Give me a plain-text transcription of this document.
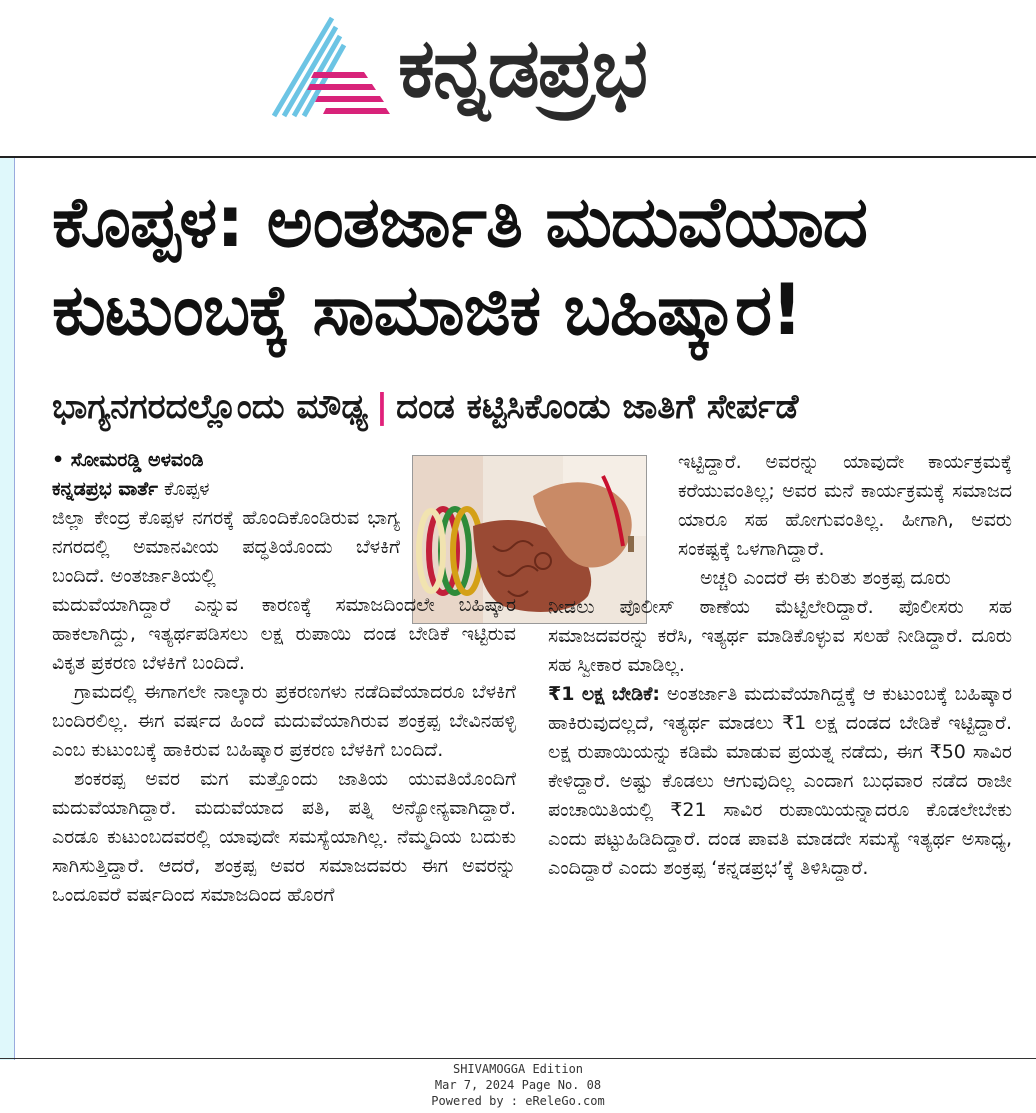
ಕನ್ನಡಪ್ರಭ
ಕೊಪ್ಪಳ: ಅಂತರ್ಜಾತಿ ಮದುವೆಯಾದ ಕುಟುಂಬಕ್ಕೆ ಸಾಮಾಜಿಕ ಬಹಿಷ್ಕಾರ!
ಭಾಗ್ಯನಗರದಲ್ಲೊಂದು ಮೌಢ್ಯ | ದಂಡ ಕಟ್ಟಿಸಿಕೊಂಡು ಜಾತಿಗೆ ಸೇರ್ಪಡೆ

• ಸೋಮರಡ್ಡಿ ಅಳವಂಡಿ

ಕನ್ನಡಪ್ರಭ ವಾರ್ತೆ ಕೊಪ್ಪಳ

ಜಿಲ್ಲಾ ಕೇಂದ್ರ ಕೊಪ್ಪಳ ನಗರಕ್ಕೆ ಹೊಂದಿಕೊಂಡಿರುವ ಭಾಗ್ಯ ನಗರದಲ್ಲಿ ಅಮಾನವೀಯ ಪದ್ಧತಿಯೊಂದು ಬೆಳಕಿಗೆ ಬಂದಿದೆ. ಅಂತರ್ಜಾತಿಯಲ್ಲಿ

ಮದುವೆಯಾಗಿದ್ದಾರೆ ಎನ್ನುವ ಕಾರಣಕ್ಕೆ ಸಮಾಜದಿಂದಲೇ ಬಹಿಷ್ಕಾರ ಹಾಕಲಾಗಿದ್ದು, ಇತ್ಯರ್ಥಪಡಿಸಲು ಲಕ್ಷ ರುಪಾಯಿ ದಂಡ ಬೇಡಿಕೆ ಇಟ್ಟಿರುವ ವಿಕೃತ ಪ್ರಕರಣ ಬೆಳಕಿಗೆ ಬಂದಿದೆ.

ಗ್ರಾಮದಲ್ಲಿ ಈಗಾಗಲೇ ನಾಲ್ಕಾರು ಪ್ರಕರಣಗಳು ನಡೆದಿವೆಯಾದರೂ ಬೆಳಕಿಗೆ ಬಂದಿರಲಿಲ್ಲ. ಈಗ ವರ್ಷದ ಹಿಂದೆ ಮದುವೆಯಾಗಿರುವ ಶಂಕ್ರಪ್ಪ ಬೇವಿನಹಳ್ಳಿ ಎಂಬ ಕುಟುಂಬಕ್ಕೆ ಹಾಕಿರುವ ಬಹಿಷ್ಕಾರ ಪ್ರಕರಣ ಬೆಳಕಿಗೆ ಬಂದಿದೆ.

ಶಂಕರಪ್ಪ ಅವರ ಮಗ ಮತ್ತೊಂದು ಜಾತಿಯ ಯುವತಿಯೊಂದಿಗೆ ಮದುವೆಯಾಗಿದ್ದಾರೆ. ಮದುವೆಯಾದ ಪತಿ, ಪತ್ನಿ ಅನ್ಯೋನ್ಯವಾಗಿದ್ದಾರೆ. ಎರಡೂ ಕುಟುಂಬದವರಲ್ಲಿ ಯಾವುದೇ ಸಮಸ್ಯೆಯಾಗಿಲ್ಲ. ನೆಮ್ಮದಿಯ ಬದುಕು ಸಾಗಿಸುತ್ತಿದ್ದಾರೆ. ಆದರೆ, ಶಂಕ್ರಪ್ಪ ಅವರ ಸಮಾಜದವರು ಈಗ ಅವರನ್ನು ಒಂದೂವರೆ ವರ್ಷದಿಂದ ಸಮಾಜದಿಂದ ಹೊರಗೆ

ಇಟ್ಟಿದ್ದಾರೆ. ಅವರನ್ನು ಯಾವುದೇ ಕಾರ್ಯಕ್ರಮಕ್ಕೆ ಕರೆಯುವಂತಿಲ್ಲ; ಅವರ ಮನೆ ಕಾರ್ಯಕ್ರಮಕ್ಕೆ ಸಮಾಜದ ಯಾರೂ ಸಹ ಹೋಗುವಂತಿಲ್ಲ. ಹೀಗಾಗಿ, ಅವರು ಸಂಕಷ್ಟಕ್ಕೆ ಒಳಗಾಗಿದ್ದಾರೆ.

ಅಚ್ಚರಿ ಎಂದರೆ ಈ ಕುರಿತು ಶಂಕ್ರಪ್ಪ ದೂರು

ನೀಡಲು ಪೊಲೀಸ್ ಠಾಣೆಯ ಮೆಟ್ಟಿಲೇರಿದ್ದಾರೆ. ಪೊಲೀಸರು ಸಹ ಸಮಾಜದವರನ್ನು ಕರೆಸಿ, ಇತ್ಯರ್ಥ ಮಾಡಿಕೊಳ್ಳುವ ಸಲಹೆ ನೀಡಿದ್ದಾರೆ. ದೂರು ಸಹ ಸ್ವೀಕಾರ ಮಾಡಿಲ್ಲ.

₹1 ಲಕ್ಷ ಬೇಡಿಕೆ: ಅಂತರ್ಜಾತಿ ಮದುವೆಯಾಗಿದ್ದಕ್ಕೆ ಆ ಕುಟುಂಬಕ್ಕೆ ಬಹಿಷ್ಕಾರ ಹಾಕಿರುವುದಲ್ಲದೆ, ಇತ್ಯರ್ಥ ಮಾಡಲು ₹1 ಲಕ್ಷ ದಂಡದ ಬೇಡಿಕೆ ಇಟ್ಟಿದ್ದಾರೆ. ಲಕ್ಷ ರುಪಾಯಿಯನ್ನು ಕಡಿಮೆ ಮಾಡುವ ಪ್ರಯತ್ನ ನಡೆದು, ಈಗ ₹50 ಸಾವಿರ ಕೇಳಿದ್ದಾರೆ. ಅಷ್ಟು ಕೊಡಲು ಆಗುವುದಿಲ್ಲ ಎಂದಾಗ ಬುಧವಾರ ನಡೆದ ರಾಜೀ ಪಂಚಾಯಿತಿಯಲ್ಲಿ ₹21 ಸಾವಿರ ರುಪಾಯಿಯನ್ನಾದರೂ ಕೊಡಲೇಬೇಕು ಎಂದು ಪಟ್ಟುಹಿಡಿದಿದ್ದಾರೆ. ದಂಡ ಪಾವತಿ ಮಾಡದೇ ಸಮಸ್ಯೆ ಇತ್ಯರ್ಥ ಅಸಾಧ್ಯ, ಎಂದಿದ್ದಾರೆ ಎಂದು ಶಂಕ್ರಪ್ಪ ‘ಕನ್ನಡಪ್ರಭ’ಕ್ಕೆ ತಿಳಿಸಿದ್ದಾರೆ.

SHIVAMOGGA Edition
Mar 7, 2024 Page No. 08
Powered by : eReleGo.com
